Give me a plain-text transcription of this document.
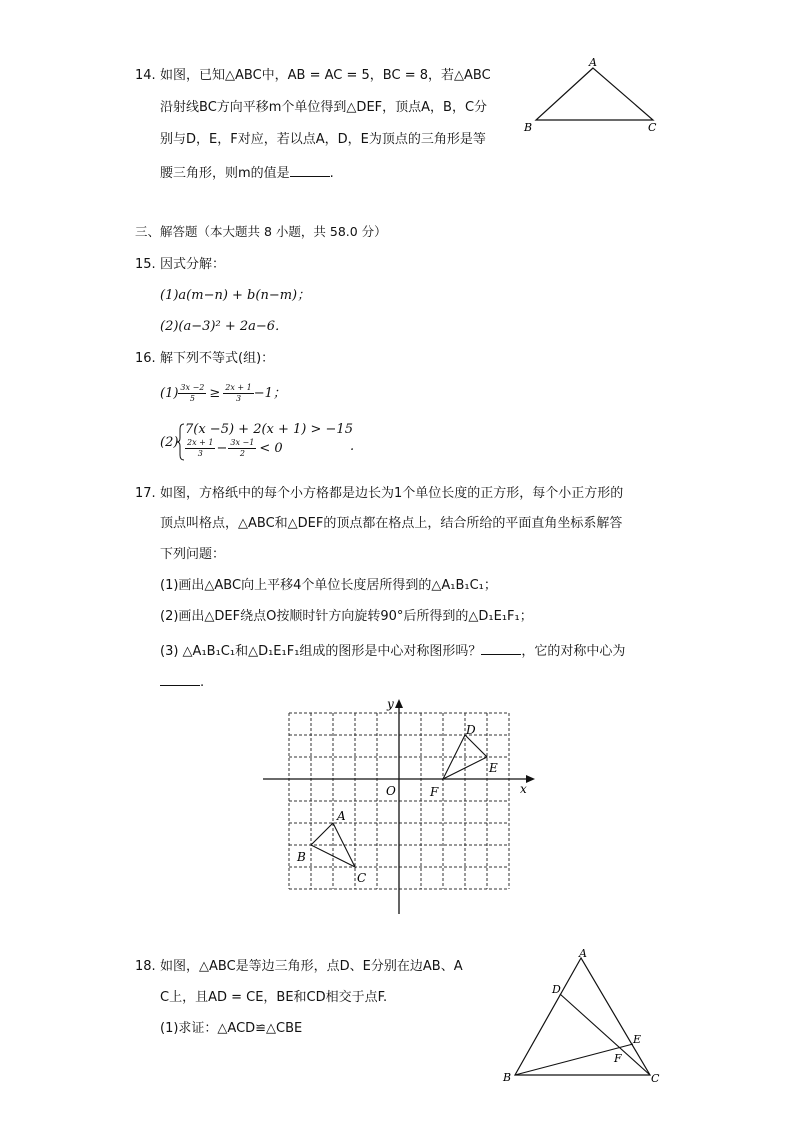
14. 如图，已知△ABC中，AB = AC = 5，BC = 8，若△ABC
沿射线BC方向平移m个单位得到△DEF，顶点A，B，C分
别与D，E，F对应，若以点A，D，E为顶点的三角形是等
腰三角形，则m的值是	.
A
B	C
三、解答题（本大题共 8 小题，共 58.0 分）
15. 因式分解：
(1)a(m−n) + b(n−m)；
(2)(a−3)² + 2a−6．
16. 解下列不等式(组)：
$(1) \frac{3x -2}{5} \ge \frac{2x + 1}{3} -1$；
(2)
7(x −5) + 2(x + 1) > −15
$\frac{2x + 1}{3} - \frac{3x -1}{2} < 0$	.
17. 如图，方格纸中的每个小方格都是边长为1个单位长度的正方形，每个小正方形的
顶点叫格点，△ABC和△DEF的顶点都在格点上，结合所给的平面直角坐标系解答
下列问题：
(1)画出△ABC向上平移4个单位长度居所得到的△A₁B₁C₁；
(2)画出△DEF绕点O按顺时针方向旋转90°后所得到的△D₁E₁F₁；
(3) △A₁B₁C₁和△D₁E₁F₁组成的图形是中心对称图形吗？	，它的对称中心为
.
y
x
O
D
E
F
A
B
C
18. 如图，△ABC是等边三角形，点D、E分别在边AB、A
C上，且AD = CE，BE和CD相交于点F.
(1)求证：△ACD≌△CBE
A
B	C
D
E
F
